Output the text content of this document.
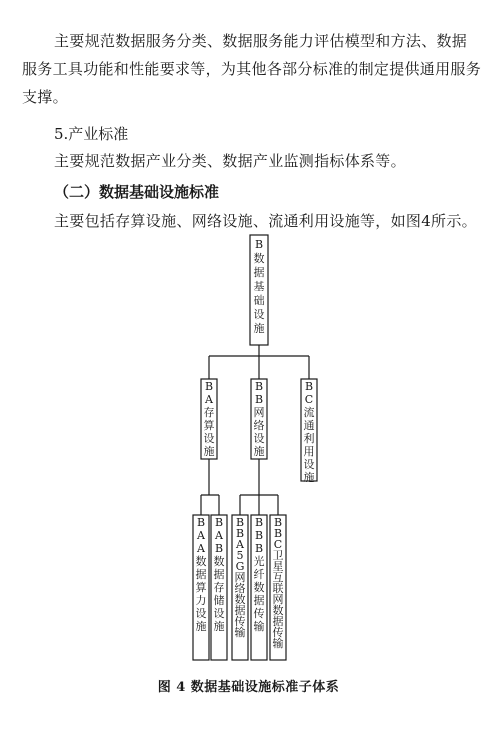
主要规范数据服务分类、数据服务能力评估模型和方法、数据服务工具功能和性能要求等，为其他各部分标准的制定提供通用服务支撑。

5.产业标准

主要规范数据产业分类、数据产业监测指标体系等。

（二）数据基础设施标准

主要包括存算设施、网络设施、流通利用设施等，如图4所示。

B 数据基础设施
B A 存算设施
B B 网络设施
B C 流通利用设施
B A A 数据算力设施
B A B 数据存储设施
B B A 5 G 网络数据传输
B B B 光纤数据传输
B B C 卫星互联网数据传输

图 4 数据基础设施标准子体系
